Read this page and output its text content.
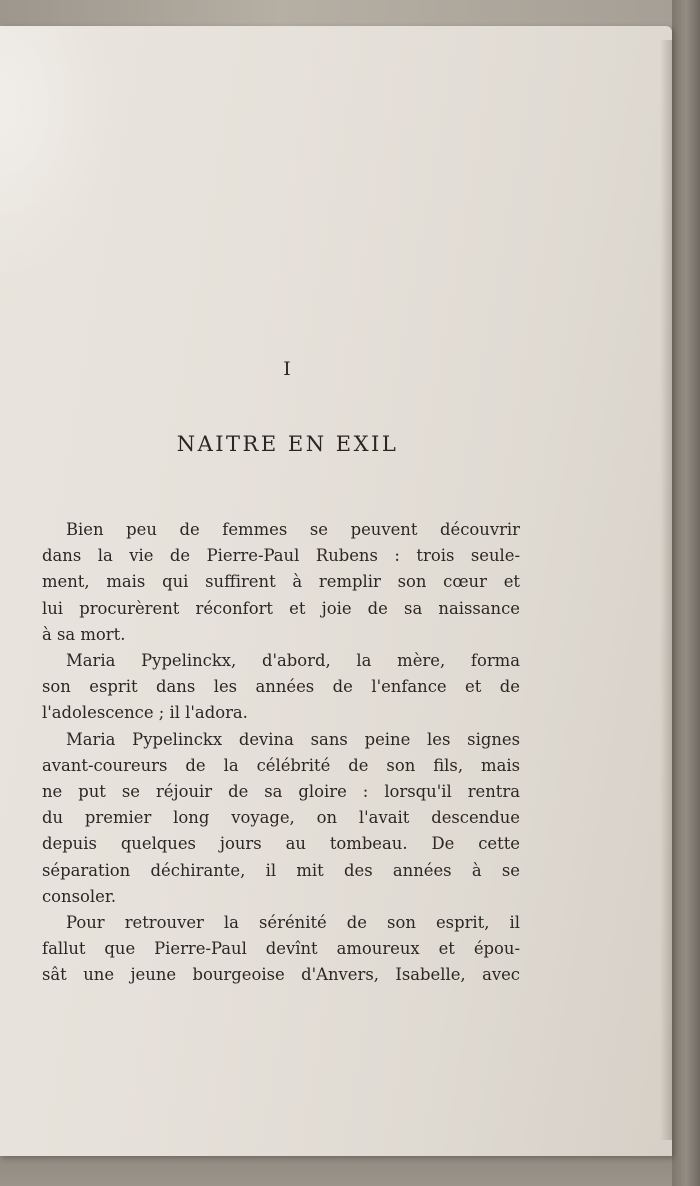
I
NAITRE EN EXIL
Bien peu de femmes se peuvent découvrir
dans la vie de Pierre-Paul Rubens : trois seule-
ment, mais qui suffirent à remplir son cœur et
lui procurèrent réconfort et joie de sa naissance
à sa mort.
Maria Pypelinckx, d'abord, la mère, forma
son esprit dans les années de l'enfance et de
l'adolescence ; il l'adora.
Maria Pypelinckx devina sans peine les signes
avant-coureurs de la célébrité de son fils, mais
ne put se réjouir de sa gloire : lorsqu'il rentra
du premier long voyage, on l'avait descendue
depuis quelques jours au tombeau. De cette
séparation déchirante, il mit des années à se
consoler.
Pour retrouver la sérénité de son esprit, il
fallut que Pierre-Paul devînt amoureux et épou-
sât une jeune bourgeoise d'Anvers, Isabelle, avec
